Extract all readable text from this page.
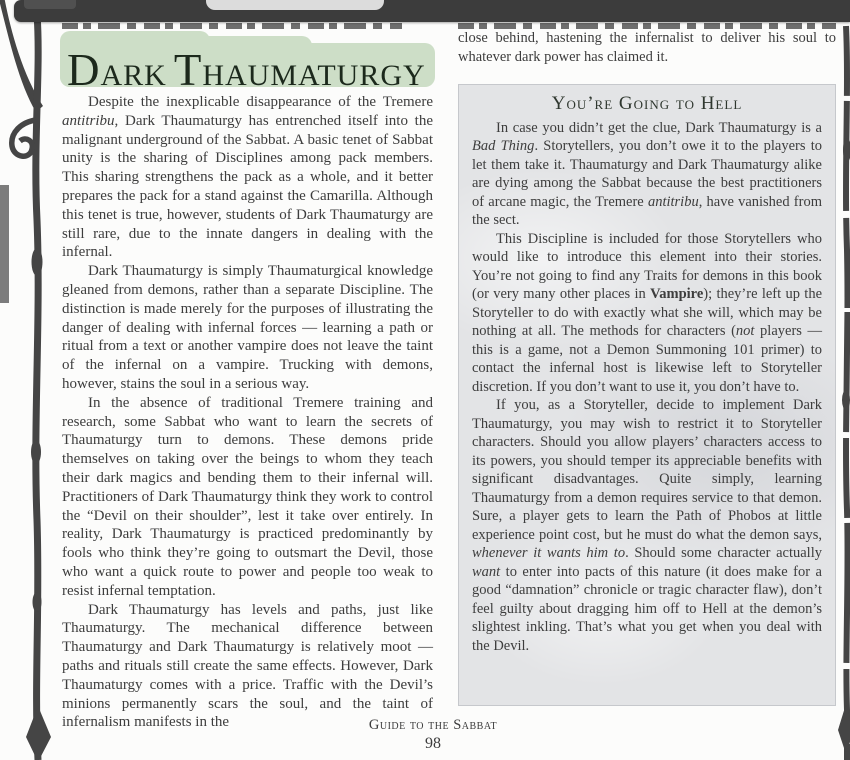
DARK THAUMATURGY

Despite the inexplicable disappearance of the Tremere antitribu, Dark Thaumaturgy has entrenched itself into the malignant underground of the Sabbat. A basic tenet of Sabbat unity is the sharing of Disciplines among pack members. This sharing strengthens the pack as a whole, and it better prepares the pack for a stand against the Camarilla. Although this tenet is true, however, students of Dark Thaumaturgy are still rare, due to the innate dangers in dealing with the infernal.

Dark Thaumaturgy is simply Thaumaturgical knowledge gleaned from demons, rather than a separate Discipline. The distinction is made merely for the purposes of illustrating the danger of dealing with infernal forces — learning a path or ritual from a text or another vampire does not leave the taint of the infernal on a vampire. Trucking with demons, however, stains the soul in a serious way.

In the absence of traditional Tremere training and research, some Sabbat who want to learn the secrets of Thaumaturgy turn to demons. These demons pride themselves on taking over the beings to whom they teach their dark magics and bending them to their infernal will. Practitioners of Dark Thaumaturgy think they work to control the “Devil on their shoulder”, lest it take over entirely. In reality, Dark Thaumaturgy is practiced predominantly by fools who think they’re going to outsmart the Devil, those who want a quick route to power and people too weak to resist infernal temptation.

Dark Thaumaturgy has levels and paths, just like Thaumaturgy. The mechanical difference between Thaumaturgy and Dark Thaumaturgy is relatively moot — paths and rituals still create the same effects. However, Dark Thaumaturgy comes with a price. Traffic with the Devil’s minions permanently scars the soul, and the taint of infernalism manifests in the

close behind, hastening the infernalist to deliver his soul to whatever dark power has claimed it.

You’re Going to Hell

In case you didn’t get the clue, Dark Thaumaturgy is a Bad Thing. Storytellers, you don’t owe it to the players to let them take it. Thaumaturgy and Dark Thaumaturgy alike are dying among the Sabbat because the best practitioners of arcane magic, the Tremere antitribu, have vanished from the sect.

This Discipline is included for those Storytellers who would like to introduce this element into their stories. You’re not going to find any Traits for demons in this book (or very many other places in Vampire); they’re left up the Storyteller to do with exactly what she will, which may be nothing at all. The methods for characters (not players — this is a game, not a Demon Summoning 101 primer) to contact the infernal host is likewise left to Storyteller discretion. If you don’t want to use it, you don’t have to.

If you, as a Storyteller, decide to implement Dark Thaumaturgy, you may wish to restrict it to Storyteller characters. Should you allow players’ characters access to its powers, you should temper its appreciable benefits with significant disadvantages. Quite simply, learning Thaumaturgy from a demon requires service to that demon. Sure, a player gets to learn the Path of Phobos at little experience point cost, but he must do what the demon says, whenever it wants him to. Should some character actually want to enter into pacts of this nature (it does make for a good “damnation” chronicle or tragic character flaw), don’t feel guilty about dragging him off to Hell at the demon’s slightest inkling. That’s what you get when you deal with the Devil.

Guide to the Sabbat
98
